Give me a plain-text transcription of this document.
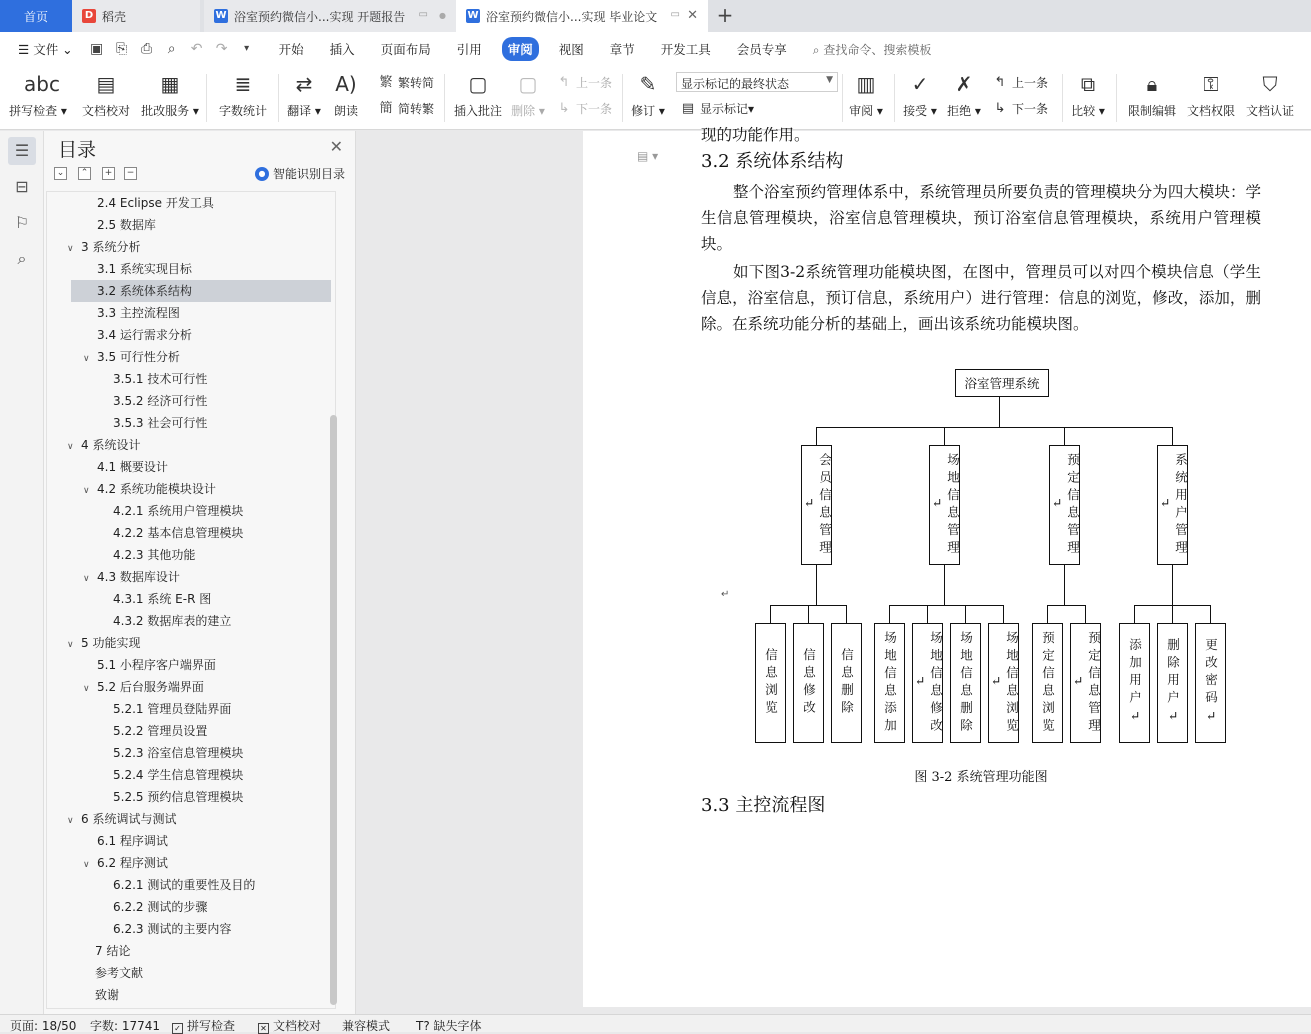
首页	D 稻壳	W 浴室预约微信小...实现 开题报告 ▭ ● W 浴室预约微信小...实现 毕业论文 ▭ ✕ +
☰ 文件 ⌄	▣ ⎘ ⎙ ⌕ ↶ ↷	▾	开始	插入	页面布局	引用	审阅	视图	章节	开发工具	会员专享	⌕ 查找命令、搜索模板
abc
拼写检查 ▾
▤
文档校对
▦
批改服务 ▾
≣
字数统计
⇄
翻译 ▾
A)
朗读
繁 繁转简
簡 简转繁
▢
插入批注
▢
删除 ▾
↰ 上一条
↳ 下一条
✎
修订 ▾
显示标记的最终状态	▼
▤ 显示标记 ▾
▥
审阅 ▾
✓
接受 ▾
✗
拒绝 ▾
↰ 上一条
↳ 下一条
⧉
比较 ▾
🔒︎
限制编辑
⚿
文档权限
⛉
文档认证
☰
⊟
⚐
⌕
目录	✕
⌄	⌃	+	−	● 智能识别目录
2.4 Eclipse 开发工具
2.5 数据库
∨ 3 系统分析
3.1 系统实现目标
3.2 系统体系结构
3.3 主控流程图
3.4 运行需求分析
∨ 3.5 可行性分析
3.5.1 技术可行性
3.5.2 经济可行性
3.5.3 社会可行性
∨ 4 系统设计
4.1 概要设计
∨ 4.2 系统功能模块设计
4.2.1 系统用户管理模块
4.2.2 基本信息管理模块
4.2.3 其他功能
∨ 4.3 数据库设计
4.3.1 系统 E-R 图
4.3.2 数据库表的建立
∨ 5 功能实现
5.1 小程序客户端界面
∨ 5.2 后台服务端界面
5.2.1 管理员登陆界面
5.2.2 管理员设置
5.2.3 浴室信息管理模块
5.2.4 学生信息管理模块
5.2.5 预约信息管理模块
∨ 6 系统调试与测试
6.1 程序调试
∨ 6.2 程序测试
6.2.1 测试的重要性及目的
6.2.2 测试的步骤
6.2.3 测试的主要内容
7 结论
参考文献
致谢
现的功能作用。
3.2 系统体系结构
整个浴室预约管理体系中，系统管理员所要负责的管理模块分为四大模块：学生信息管理模块，浴室信息管理模块，预订浴室信息管理模块，系统用户管理模块。
如下图3-2系统管理功能模块图，在图中，管理员可以对四个模块信息（学生信息，浴室信息，预订信息，系统用户）进行管理：信息的浏览，修改，添加，删除。在系统功能分析的基础上，画出该系统功能模块图。
浴室管理系统
会员信息管理↵
信息浏览	信息修改	信息删除
场地信息管理↵
场地信息添加	场地信息修改↵	场地信息删除	场地信息浏览↵
预定信息管理↵
预定信息浏览	预定信息管理↵
系统用户管理↵
添加用户↵	删除用户↵	更改密码↵
图 3-2 系统管理功能图
3.3 主控流程图
▤ ▾
↵
页面: 18/50 字数: 17741 ✓ 拼写检查	✕ 文档校对 兼容模式 T? 缺失字体
